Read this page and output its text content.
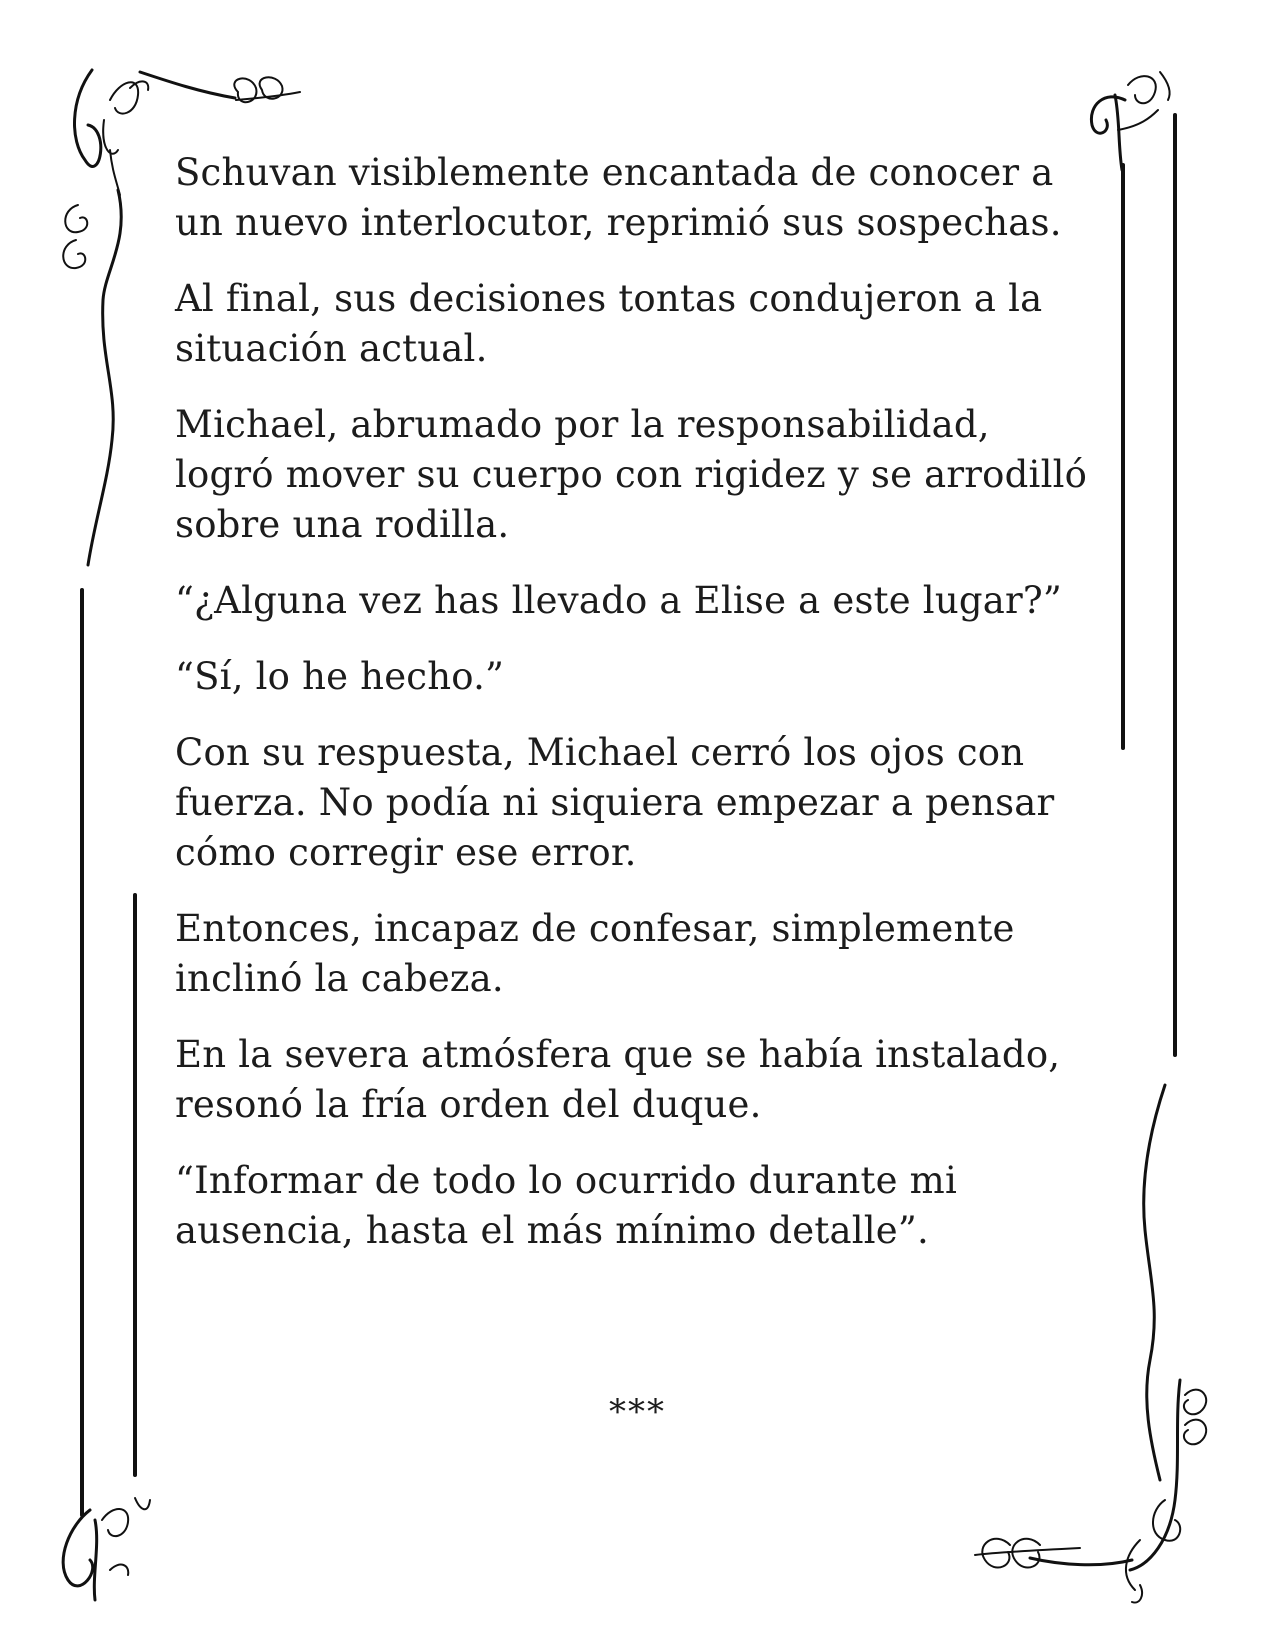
Schuvan visiblemente encantada de conocer a un nuevo interlocutor, reprimió sus sospechas.

Al final, sus decisiones tontas condujeron a la situación actual.

Michael, abrumado por la responsabilidad, logró mover su cuerpo con rigidez y se arrodilló sobre una rodilla.

“¿Alguna vez has llevado a Elise a este lugar?”

“Sí, lo he hecho.”

Con su respuesta, Michael cerró los ojos con fuerza. No podía ni siquiera empezar a pensar cómo corregir ese error.

Entonces, incapaz de confesar, simplemente inclinó la cabeza.

En la severa atmósfera que se había instalado, resonó la fría orden del duque.

“Informar de todo lo ocurrido durante mi ausencia, hasta el más mínimo detalle”.

***
